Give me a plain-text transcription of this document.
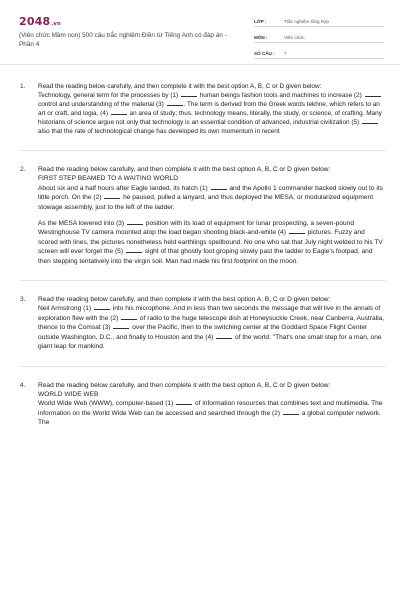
2048.vn
(Viên chức Mầm non) 500 câu trắc nghiệm Điền từ Tiếng Anh có đáp án - Phần 4
LỚP :	Trắc nghiệm tổng hợp
MÔN :	Viên chức
SỐ CÂU :	7
1.	Read the reading below carefully, and then complete it with the best option A, B, C or D given below:

Technology, general term for the processes by (1)	human beings fashion tools and machines to increase (2)  control and understanding of the material (3)	. The term is derived from the Greek words tekhne, which refers to an art or craft, and logia, (4)	an area of study; thus, technology means, literally, the study, or science, of crafting. Many historians of science argue not only that technology is an essential condition of advanced, industrial civilization (5)  also that the rate of technological change has developed its own momentum in recent

2.	Read the reading below carefully, and then complete it with the best option A, B, C or D given below:

FIRST STEP BEAMED TO A WAITING WORLD

About six and a half hours after Eagle landed, its hatch (1)	and the Apollo 1 commander backed slowly out to its little porch. On the (2)	he paused, pulled a lanyard, and thus deployed the MESA, or modularized equipment stowage assembly, just to the left of the ladder.

As the MESA lowered into (3)	position with its load of equipment for lunar prospecting, a seven-pound Westinghouse TV camera mounted atop the load began shooting black-and-white (4)	pictures. Fuzzy and scored with lines, the pictures nonetheless held earthlings spellbound. No one who sat that July night welded to his TV screen will ever forget the (5)	sight of that ghostly foot groping slowly past the ladder to Eagle's footpad, and then stepping tentatively into the virgin soil. Man had made his first footprint on the moon.

3.	Read the reading below carefully, and then complete it with the best option A, B, C or D given below:

Neil Armstrong (1)	into his microphone. And in less than two seconds the message that will live in the annals of exploration flew with the (2)	of radio to the huge telescope dish at Honeysuckle Creek, near Canberra, Australia, thence to the Comsat (3)	over the Pacific, then to the switching center at the Goddard Space Flight Center outside Washington, D.C., and finally to Houston and the (4)	of the world: "That's one small step for a man, one giant leap for mankind.

4.	Read the reading below carefully, and then complete it with the best option A, B, C or D given below:

WORLD WIDE WEB

World Wide Web (WWW), computer-based (1)	of information resources that combines text and multimedia. The information on the World Wide Web can be accessed and searched through the (2)	a global computer network. The
